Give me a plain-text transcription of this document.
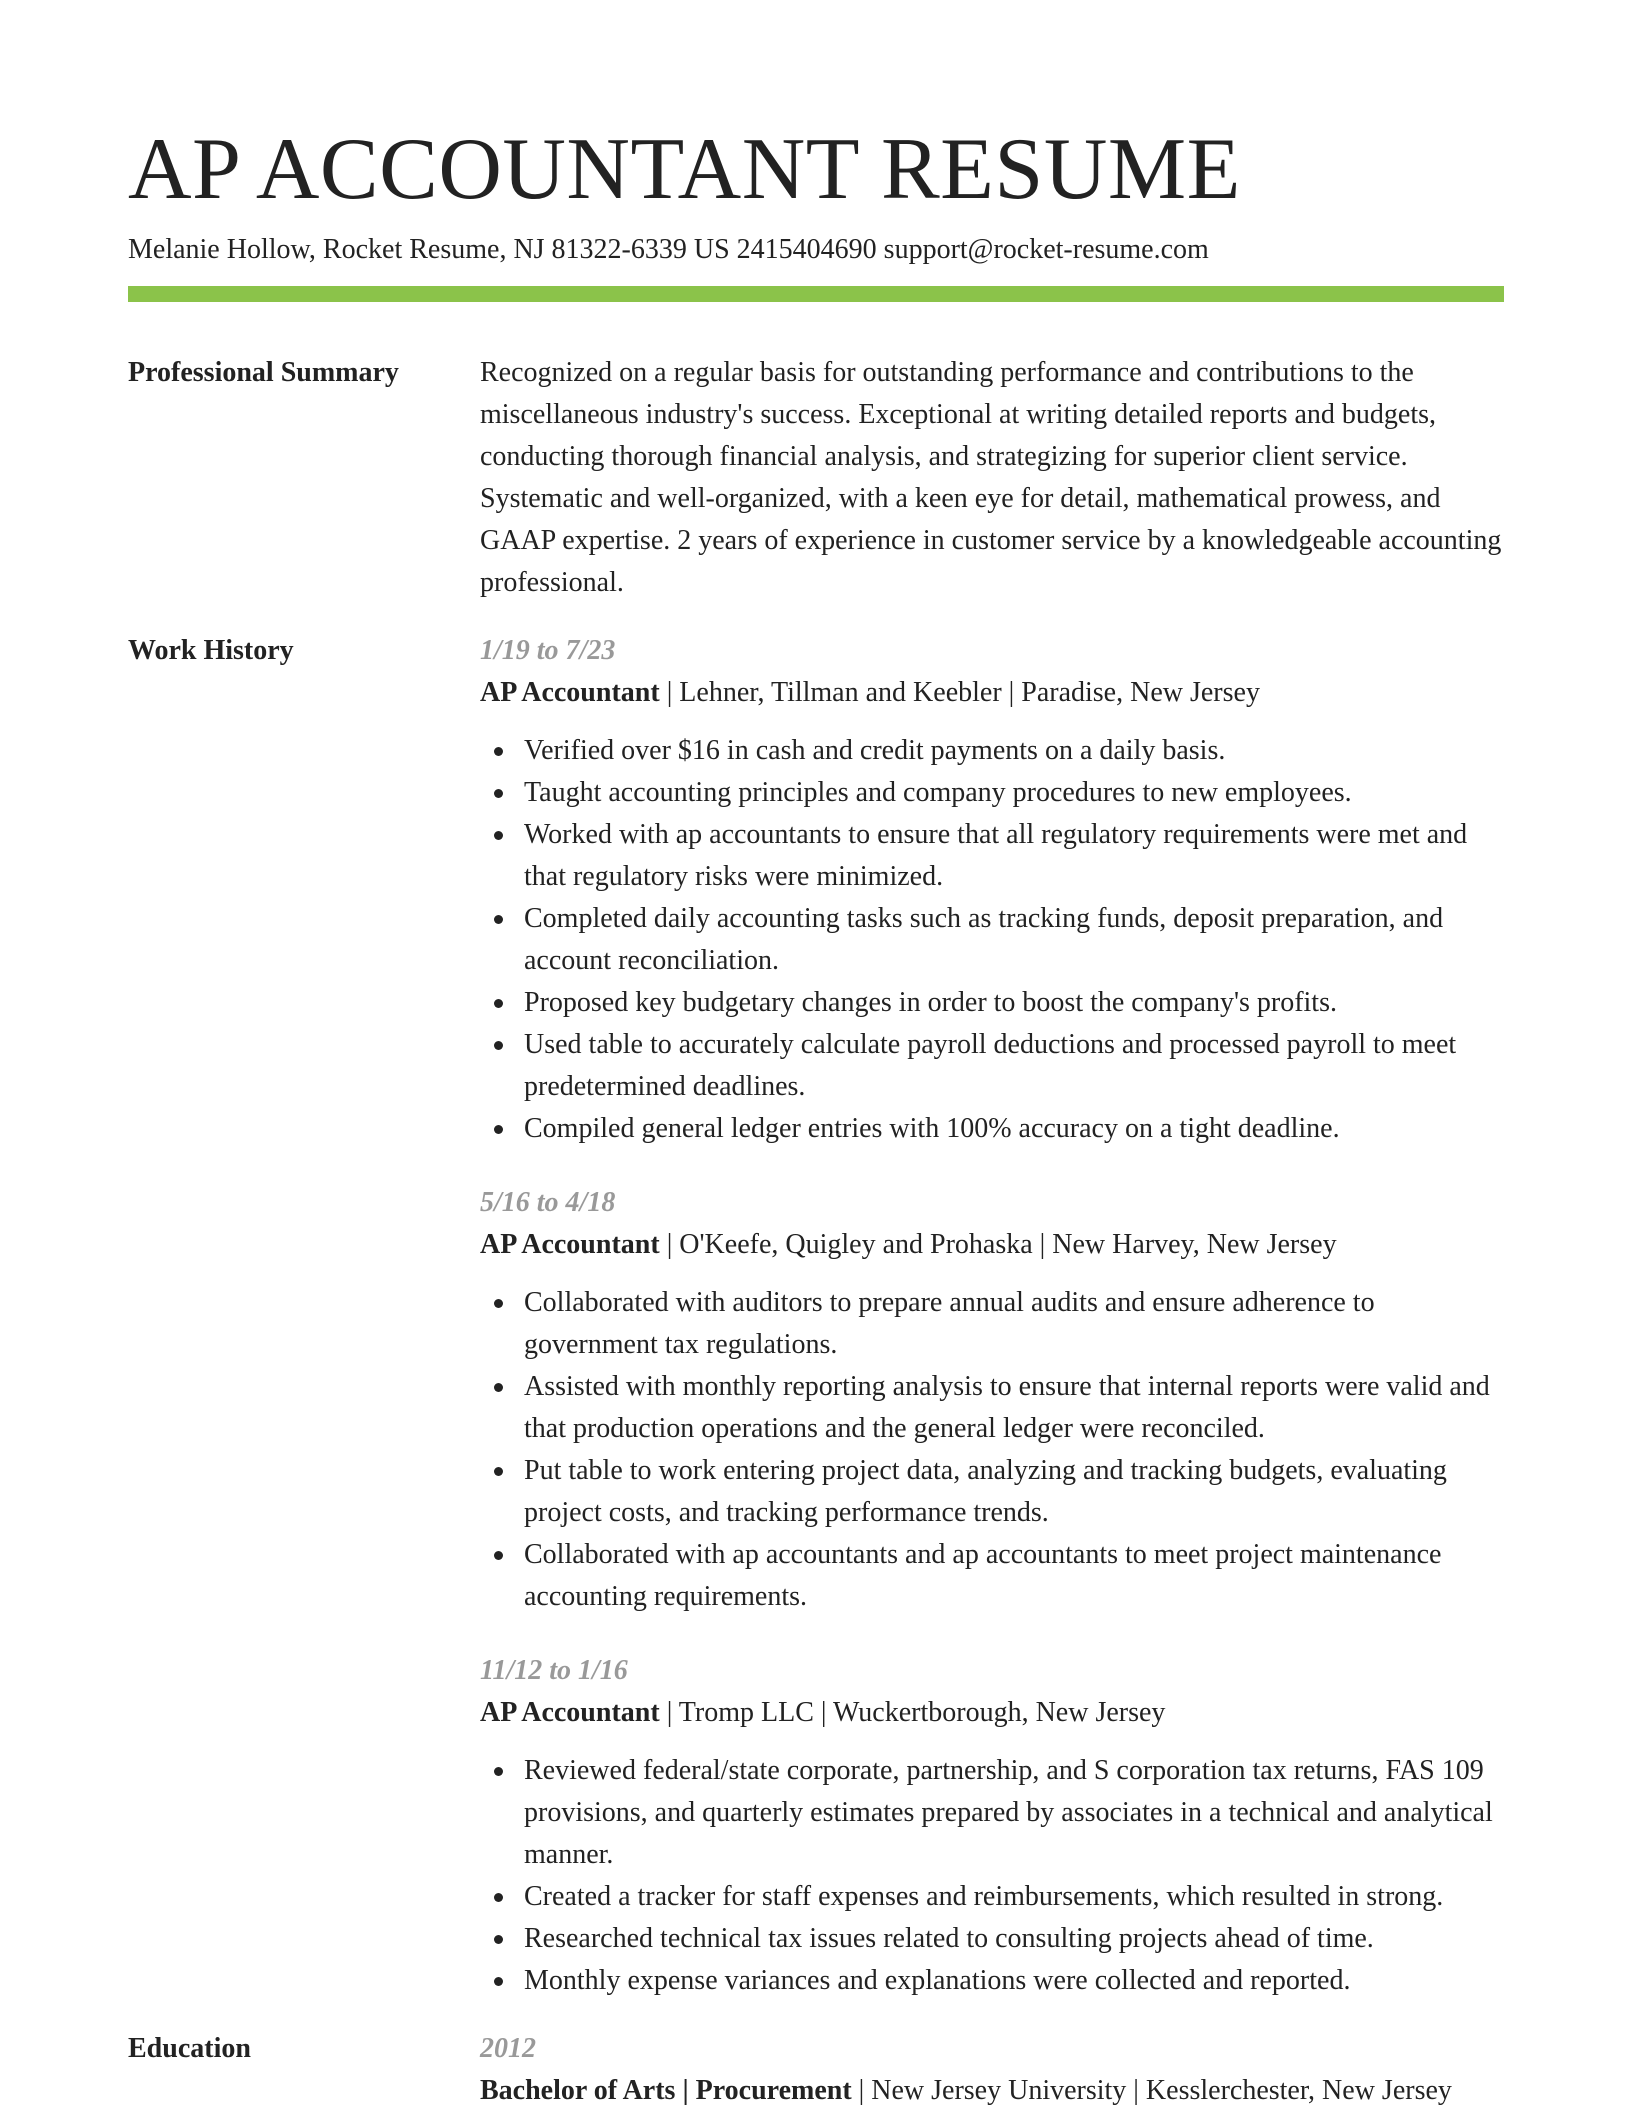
AP ACCOUNTANT RESUME
Melanie Hollow, Rocket Resume, NJ 81322-6339 US 2415404690 support@rocket-resume.com
Professional Summary	Recognized on a regular basis for outstanding performance and contributions to the miscellaneous industry's success. Exceptional at writing detailed reports and budgets, conducting thorough financial analysis, and strategizing for superior client service. Systematic and well-organized, with a keen eye for detail, mathematical prowess, and GAAP expertise. 2 years of experience in customer service by a knowledgeable accounting professional.
Work History	1/19 to 7/23
AP Accountant | Lehner, Tillman and Keebler | Paradise, New Jersey
Verified over $16 in cash and credit payments on a daily basis.
Taught accounting principles and company procedures to new employees.
Worked with ap accountants to ensure that all regulatory requirements were met and that regulatory risks were minimized.
Completed daily accounting tasks such as tracking funds, deposit preparation, and account reconciliation.
Proposed key budgetary changes in order to boost the company's profits.
Used table to accurately calculate payroll deductions and processed payroll to meet predetermined deadlines.
Compiled general ledger entries with 100% accuracy on a tight deadline.
5/16 to 4/18
AP Accountant | O'Keefe, Quigley and Prohaska | New Harvey, New Jersey
Collaborated with auditors to prepare annual audits and ensure adherence to government tax regulations.
Assisted with monthly reporting analysis to ensure that internal reports were valid and that production operations and the general ledger were reconciled.
Put table to work entering project data, analyzing and tracking budgets, evaluating project costs, and tracking performance trends.
Collaborated with ap accountants and ap accountants to meet project maintenance accounting requirements.
11/12 to 1/16
AP Accountant | Tromp LLC | Wuckertborough, New Jersey
Reviewed federal/state corporate, partnership, and S corporation tax returns, FAS 109 provisions, and quarterly estimates prepared by associates in a technical and analytical manner.
Created a tracker for staff expenses and reimbursements, which resulted in strong.
Researched technical tax issues related to consulting projects ahead of time.
Monthly expense variances and explanations were collected and reported.
Education	2012
Bachelor of Arts | Procurement | New Jersey University | Kesslerchester, New Jersey
